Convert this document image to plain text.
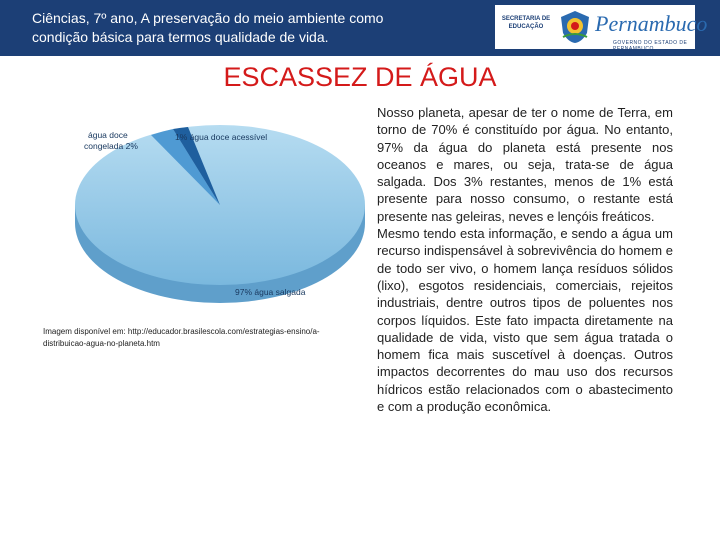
Ciências, 7º ano, A preservação do meio ambiente como condição básica para termos qualidade de vida.
SECRETARIA DE EDUCAÇÃO	Pernambuco
GOVERNO DO ESTADO DE PERNAMBUCO
ESCASSEZ DE ÁGUA
água doce
congelada 2%
1% água doce acessível
97% água salgada
Imagem disponível em: http://educador.brasilescola.com/estrategias-ensino/a-distribuicao-agua-no-planeta.htm

Nosso planeta, apesar de ter o nome de Terra, em torno de 70% é constituído por água. No entanto, 97% da água do planeta está presente nos oceanos e mares, ou seja, trata-se de água salgada. Dos 3% restantes, menos de 1% está presente para nosso consumo, o restante está presente nas geleiras, neves e lençóis freáticos.

Mesmo tendo esta informação, e sendo a água um recurso indispensável à sobrevivência do homem e de todo ser vivo, o homem lança resíduos sólidos (lixo), esgotos residenciais, comerciais, rejeitos industriais, dentre outros tipos de poluentes nos corpos líquidos. Este fato impacta diretamente na qualidade de vida, visto que sem água tratada o homem fica mais suscetível à doenças. Outros impactos decorrentes do mau uso dos recursos hídricos estão relacionados com o abastecimento e com a produção econômica.
